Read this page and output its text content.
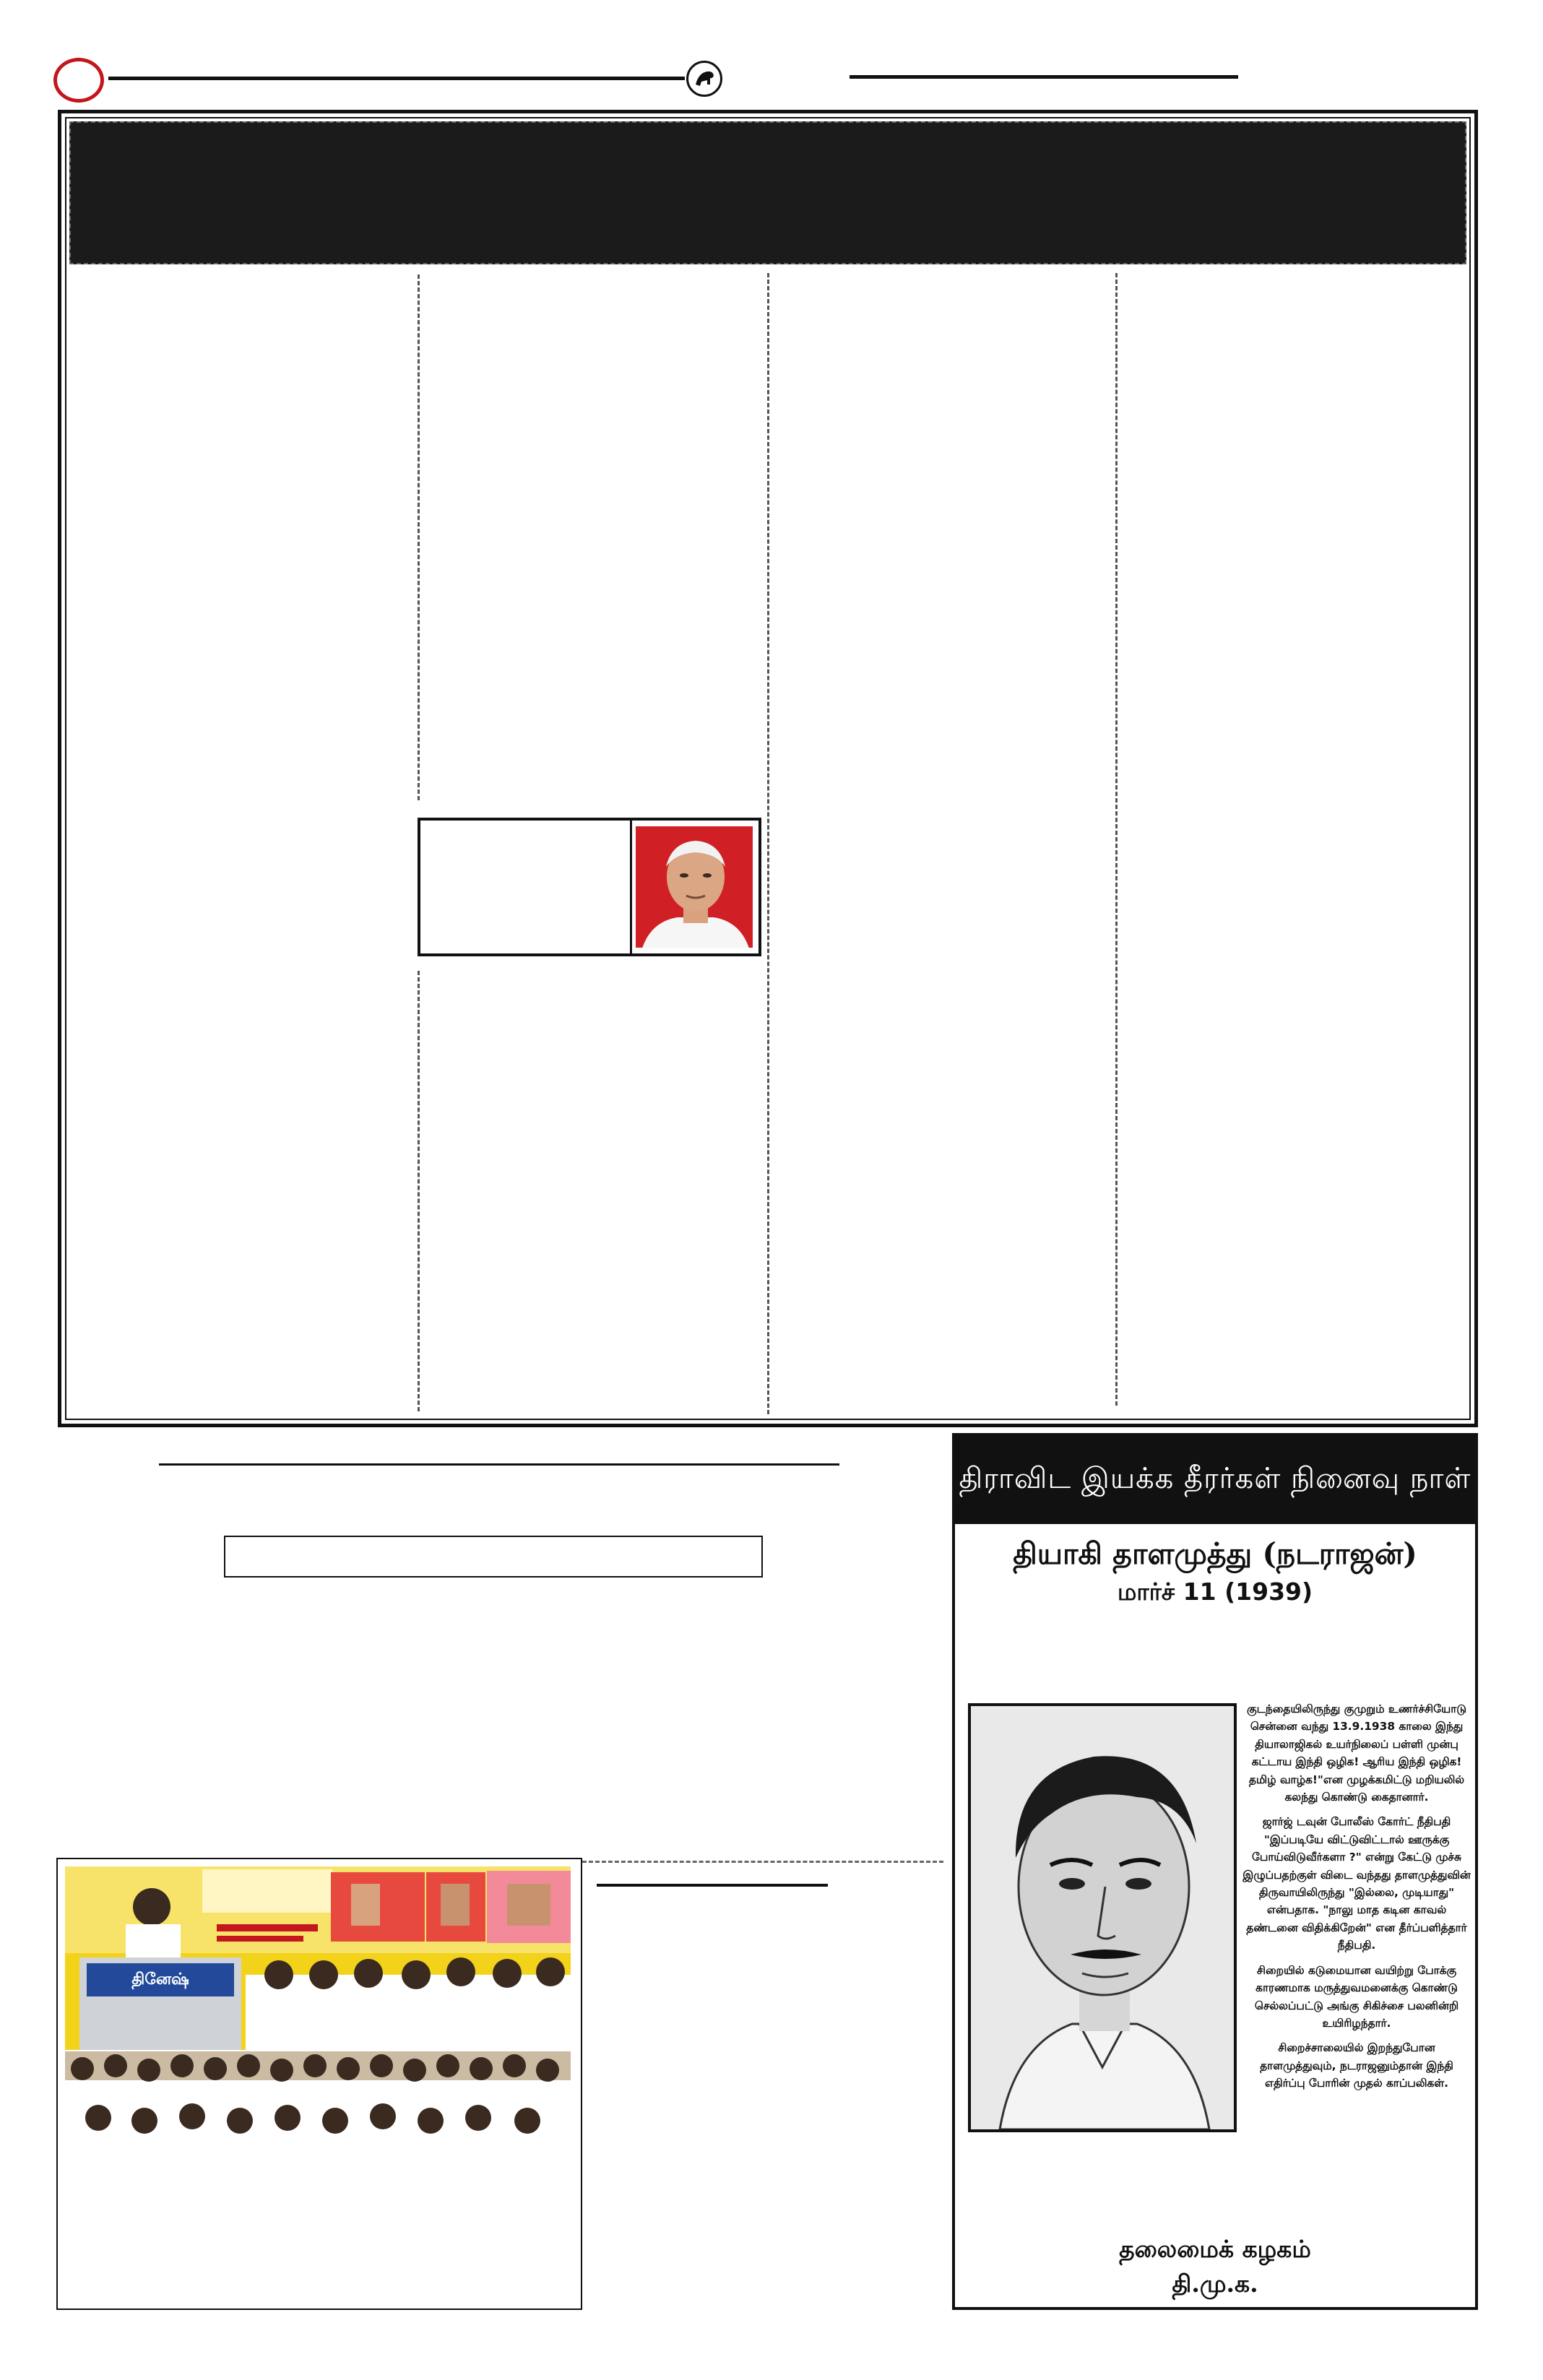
தினேஷ்
திராவிட இயக்க தீரர்கள் நினைவு நாள்
தியாகி தாளமுத்து (நடராஜன்)
மார்ச் 11 (1939)

குடந்தையிலிருந்து குமுறும் உணர்ச்சியோடு சென்னை வந்து 13.9.1938 காலை இந்து தியாலாஜிகல் உயர்நிலைப் பள்ளி முன்பு கட்டாய இந்தி ஒழிக! ஆரிய இந்தி ஒழிக! தமிழ் வாழ்க!"என முழக்கமிட்டு மறியலில் கலந்து கொண்டு கைதானார்.

ஜார்ஜ் டவுன் போலீஸ் கோர்ட் நீதிபதி "இப்படியே விட்டுவிட்டால் ஊருக்கு போய்விடுவீர்களா ?" என்று கேட்டு முச்சு இழுப்பதற்குள் விடை வந்தது தாளமுத்துவின் திருவாயிலிருந்து "இல்லை, முடியாது" என்பதாக. "நாலு மாத கடின காவல் தண்டனை விதிக்கிறேன்" என தீர்ப்பளித்தார் நீதிபதி.

சிறையில் கடுமையான வயிற்று போக்கு காரணமாக மருத்துவமனைக்கு கொண்டு செல்லப்பட்டு அங்கு சிகிச்சை பலனின்றி உயிரிழந்தார்.

சிறைச்சாலையில் இறந்துபோன தாளமுத்துவும், நடராஜனும்தான் இந்தி எதிர்ப்பு போரின் முதல் காப்பலிகள்.

தலைமைக் கழகம்
தி.மு.க.
